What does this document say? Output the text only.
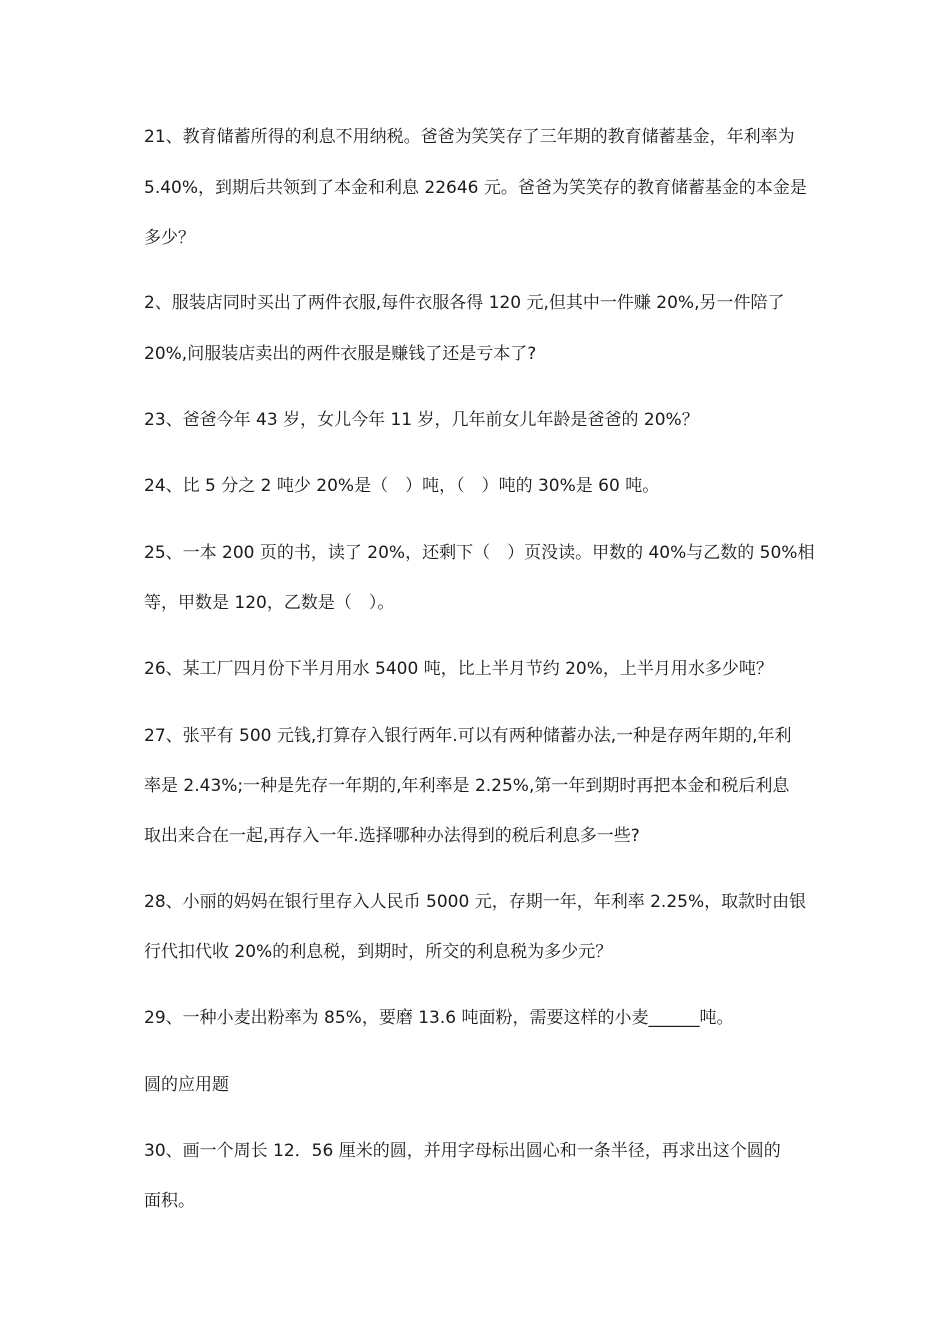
21、教育储蓄所得的利息不用纳税。爸爸为笑笑存了三年期的教育储蓄基金，年利率为
5.40%，到期后共领到了本金和利息 22646 元。爸爸为笑笑存的教育储蓄基金的本金是
多少？
2、服装店同时买出了两件衣服,每件衣服各得 120 元,但其中一件赚 20%,另一件陪了
20%,问服装店卖出的两件衣服是赚钱了还是亏本了?
23、爸爸今年 43 岁，女儿今年 11 岁，几年前女儿年龄是爸爸的 20%？
24、比 5 分之 2 吨少 20%是（　）吨，（　）吨的 30%是 60 吨。
25、一本 200 页的书，读了 20%，还剩下（　）页没读。甲数的 40%与乙数的 50%相
等，甲数是 120，乙数是（　）。
26、某工厂四月份下半月用水 5400 吨，比上半月节约 20%，上半月用水多少吨？
27、张平有 500 元钱,打算存入银行两年.可以有两种储蓄办法,一种是存两年期的,年利
率是 2.43%;一种是先存一年期的,年利率是 2.25%,第一年到期时再把本金和税后利息
取出来合在一起,再存入一年.选择哪种办法得到的税后利息多一些?
28、小丽的妈妈在银行里存入人民币 5000 元，存期一年，年利率 2.25%，取款时由银
行代扣代收 20%的利息税，到期时，所交的利息税为多少元？
29、一种小麦出粉率为 85%，要磨 13.6 吨面粉，需要这样的小麦______吨。
圆的应用题
30、画一个周长 12．56 厘米的圆，并用字母标出圆心和一条半径，再求出这个圆的
面积。
